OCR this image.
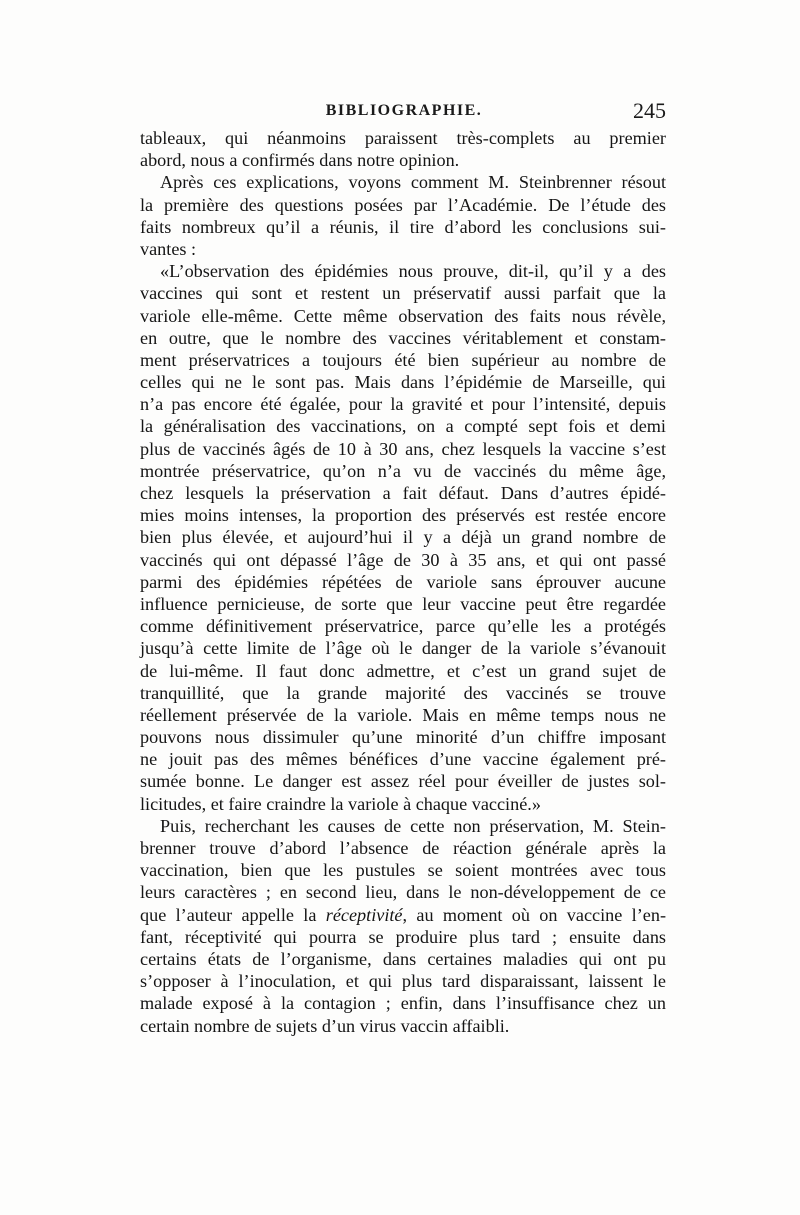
BIBLIOGRAPHIE.	245
tableaux, qui néanmoins paraissent très-complets au premier
abord, nous a confirmés dans notre opinion.
Après ces explications, voyons comment M. Steinbrenner résout
la première des questions posées par l’Académie. De l’étude des
faits nombreux qu’il a réunis, il tire d’abord les conclusions sui-
vantes :
«L’observation des épidémies nous prouve, dit-il, qu’il y a des
vaccines qui sont et restent un préservatif aussi parfait que la
variole elle-même. Cette même observation des faits nous révèle,
en outre, que le nombre des vaccines véritablement et constam-
ment préservatrices a toujours été bien supérieur au nombre de
celles qui ne le sont pas. Mais dans l’épidémie de Marseille, qui
n’a pas encore été égalée, pour la gravité et pour l’intensité, depuis
la généralisation des vaccinations, on a compté sept fois et demi
plus de vaccinés âgés de 10 à 30 ans, chez lesquels la vaccine s’est
montrée préservatrice, qu’on n’a vu de vaccinés du même âge,
chez lesquels la préservation a fait défaut. Dans d’autres épidé-
mies moins intenses, la proportion des préservés est restée encore
bien plus élevée, et aujourd’hui il y a déjà un grand nombre de
vaccinés qui ont dépassé l’âge de 30 à 35 ans, et qui ont passé
parmi des épidémies répétées de variole sans éprouver aucune
influence pernicieuse, de sorte que leur vaccine peut être regardée
comme définitivement préservatrice, parce qu’elle les a protégés
jusqu’à cette limite de l’âge où le danger de la variole s’évanouit
de lui-même. Il faut donc admettre, et c’est un grand sujet de
tranquillité, que la grande majorité des vaccinés se trouve
réellement préservée de la variole. Mais en même temps nous ne
pouvons nous dissimuler qu’une minorité d’un chiffre imposant
ne jouit pas des mêmes bénéfices d’une vaccine également pré-
sumée bonne. Le danger est assez réel pour éveiller de justes sol-
licitudes, et faire craindre la variole à chaque vacciné.»
Puis, recherchant les causes de cette non préservation, M. Stein-
brenner trouve d’abord l’absence de réaction générale après la
vaccination, bien que les pustules se soient montrées avec tous
leurs caractères ; en second lieu, dans le non-développement de ce
que l’auteur appelle la réceptivité, au moment où on vaccine l’en-
fant, réceptivité qui pourra se produire plus tard ; ensuite dans
certains états de l’organisme, dans certaines maladies qui ont pu
s’opposer à l’inoculation, et qui plus tard disparaissant, laissent le
malade exposé à la contagion ; enfin, dans l’insuffisance chez un
certain nombre de sujets d’un virus vaccin affaibli.
